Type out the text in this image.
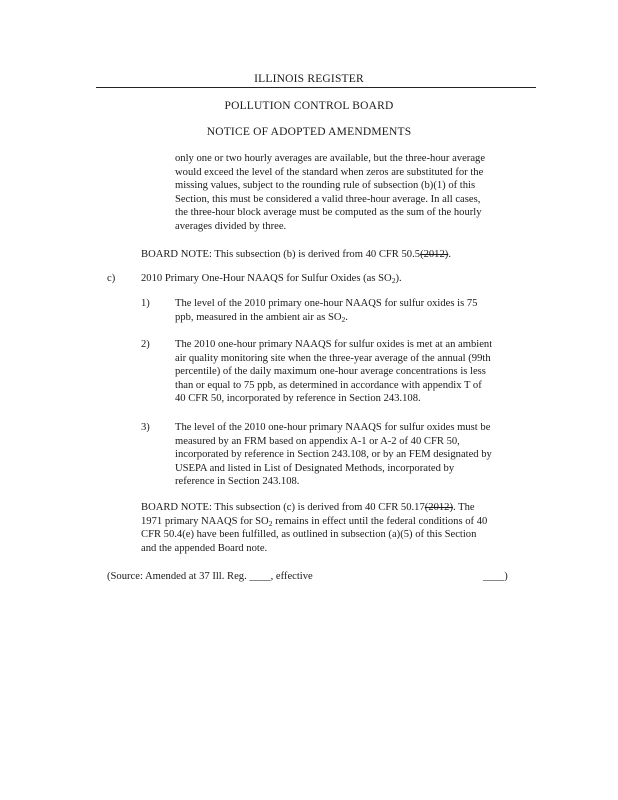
ILLINOIS REGISTER

POLLUTION CONTROL BOARD

NOTICE OF ADOPTED AMENDMENTS

only one or two hourly averages are available, but the three-hour average
would exceed the level of the standard when zeros are substituted for the
missing values, subject to the rounding rule of subsection (b)(1) of this
Section, this must be considered a valid three-hour average. In all cases,
the three-hour block average must be computed as the sum of the hourly
averages divided by three.
BOARD NOTE: This subsection (b) is derived from 40 CFR 50.5(2012).
c) 2010 Primary One-Hour NAAQS for Sulfur Oxides (as $SO_2$).
1) The level of the 2010 primary one-hour NAAQS for sulfur oxides is 75
ppb, measured in the ambient air as $SO_2$.
2) The 2010 one-hour primary NAAQS for sulfur oxides is met at an ambient
air quality monitoring site when the three-year average of the annual (99th
percentile) of the daily maximum one-hour average concentrations is less
than or equal to 75 ppb, as determined in accordance with appendix T of
40 CFR 50, incorporated by reference in Section 243.108.
3) The level of the 2010 one-hour primary NAAQS for sulfur oxides must be
measured by an FRM based on appendix A-1 or A-2 of 40 CFR 50,
incorporated by reference in Section 243.108, or by an FEM designated by
USEPA and listed in List of Designated Methods, incorporated by
reference in Section 243.108.
BOARD NOTE: This subsection (c) is derived from 40 CFR 50.17(2012). The
1971 primary NAAQS for $SO_2$ remains in effect until the federal conditions of 40
CFR 50.4(e) have been fulfilled, as outlined in subsection (a)(5) of this Section
and the appended Board note.
(Source: Amended at 37 Ill. Reg. ____, effective	____)
